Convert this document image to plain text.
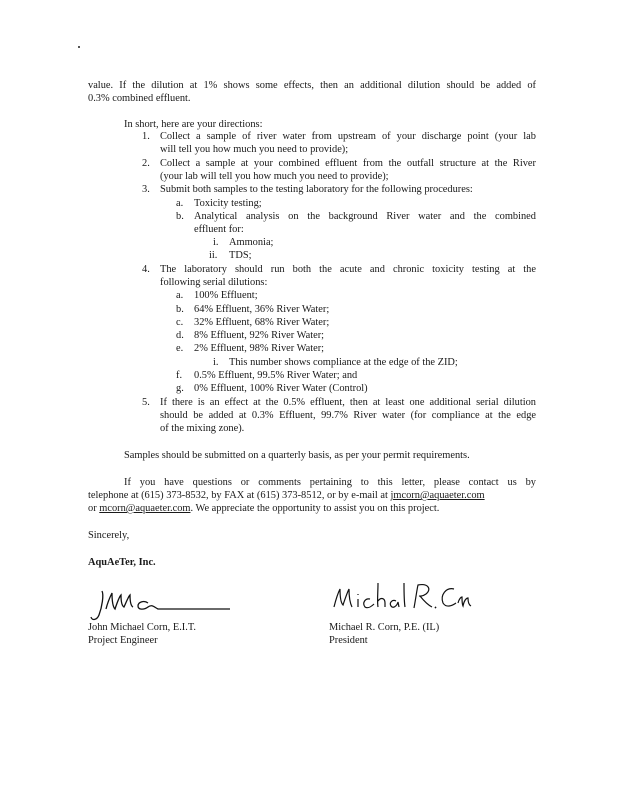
value. If the dilution at 1% shows some effects, then an additional dilution should be added of
0.3% combined effluent.
In short, here are your directions:
1. Collect a sample of river water from upstream of your discharge point (your lab
will tell you how much you need to provide);
2. Collect a sample at your combined effluent from the outfall structure at the River
(your lab will tell you how much you need to provide);
3. Submit both samples to the testing laboratory for the following procedures:
a. Toxicity testing;
b. Analytical analysis on the background River water and the combined
effluent for:
i. Ammonia;
ii. TDS;
4. The laboratory should run both the acute and chronic toxicity testing at the
following serial dilutions:
a. 100% Effluent;
b. 64% Effluent, 36% River Water;
c. 32% Effluent, 68% River Water;
d. 8% Effluent, 92% River Water;
e. 2% Effluent, 98% River Water;
i. This number shows compliance at the edge of the ZID;
f. 0.5% Effluent, 99.5% River Water; and
g. 0% Effluent, 100% River Water (Control)
5. If there is an effect at the 0.5% effluent, then at least one additional serial dilution
should be added at 0.3% Effluent, 99.7% River water (for compliance at the edge
of the mixing zone).
Samples should be submitted on a quarterly basis, as per your permit requirements.
If you have questions or comments pertaining to this letter, please contact us by
telephone at (615) 373-8532, by FAX at (615) 373-8512, or by e-mail at jmcorn@aquaeter.com
or mcorn@aquaeter.com. We appreciate the opportunity to assist you on this project.
Sincerely,
AquAeTer, Inc.
John Michael Corn, E.I.T.
Project Engineer
Michael R. Corn, P.E. (IL)
President
